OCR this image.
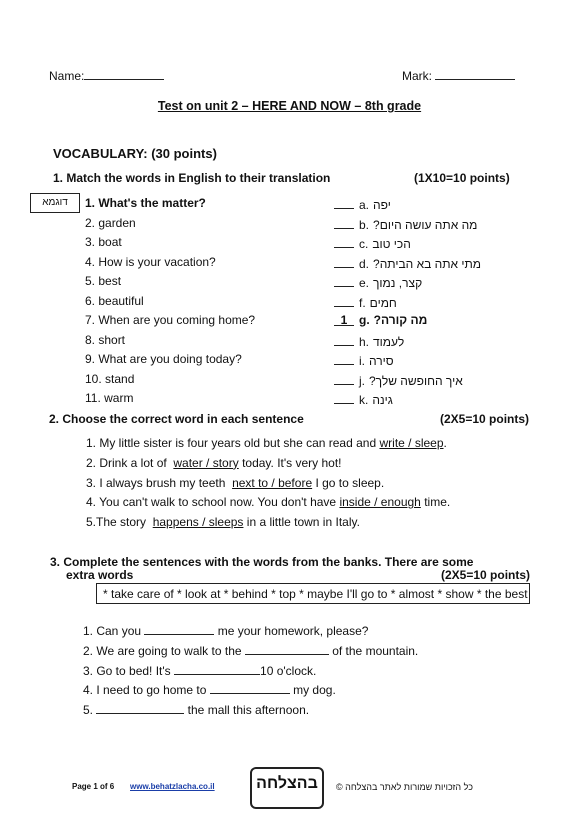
Name:	Mark:
Test on unit 2 – HERE AND NOW – 8th grade
VOCABULARY: (30 points)
1. Match the words in English to their translation	(1X10=10 points)
דוגמא	1. What's the matter?
2. garden
3. boat
4. How is your vacation?
5. best
6. beautiful
7. When are you coming home?
8. short
9. What are you doing today?
10. stand
11. warm
a. יפה
b. מה אתה עושה היום?
c. הכי טוב
d. מתי אתה בא הביתה?
e. קצר, נמוך
f. חמים
1 g. מה קורה?
h. לעמוד
i. סירה
j. איך החופשה שלך?
k. גינה
2. Choose the correct word in each sentence	(2X5=10 points)
1. My little sister is four years old but she can read and write / sleep.
2. Drink a lot of  water / story today. It's very hot!
3. I always brush my teeth  next to / before I go to sleep.
4. You can't walk to school now. You don't have inside / enough time.
5.The story  happens / sleeps in a little town in Italy.
3. Complete the sentences with the words from the banks. There are some
extra words	(2X5=10 points)
* take care of * look at * behind * top * maybe I'll go to * almost * show * the best
1. Can you	me your homework, please?
2. We are going to walk to the	of the mountain.
3. Go to bed! It's	10 o'clock.
4. I need to go home to	my dog.
5.	the mall this afternoon.
Page 1 of 6 www.behatzlacha.co.il	בהצלחה	כל הזכויות שמורות לאתר בהצלחה ©
